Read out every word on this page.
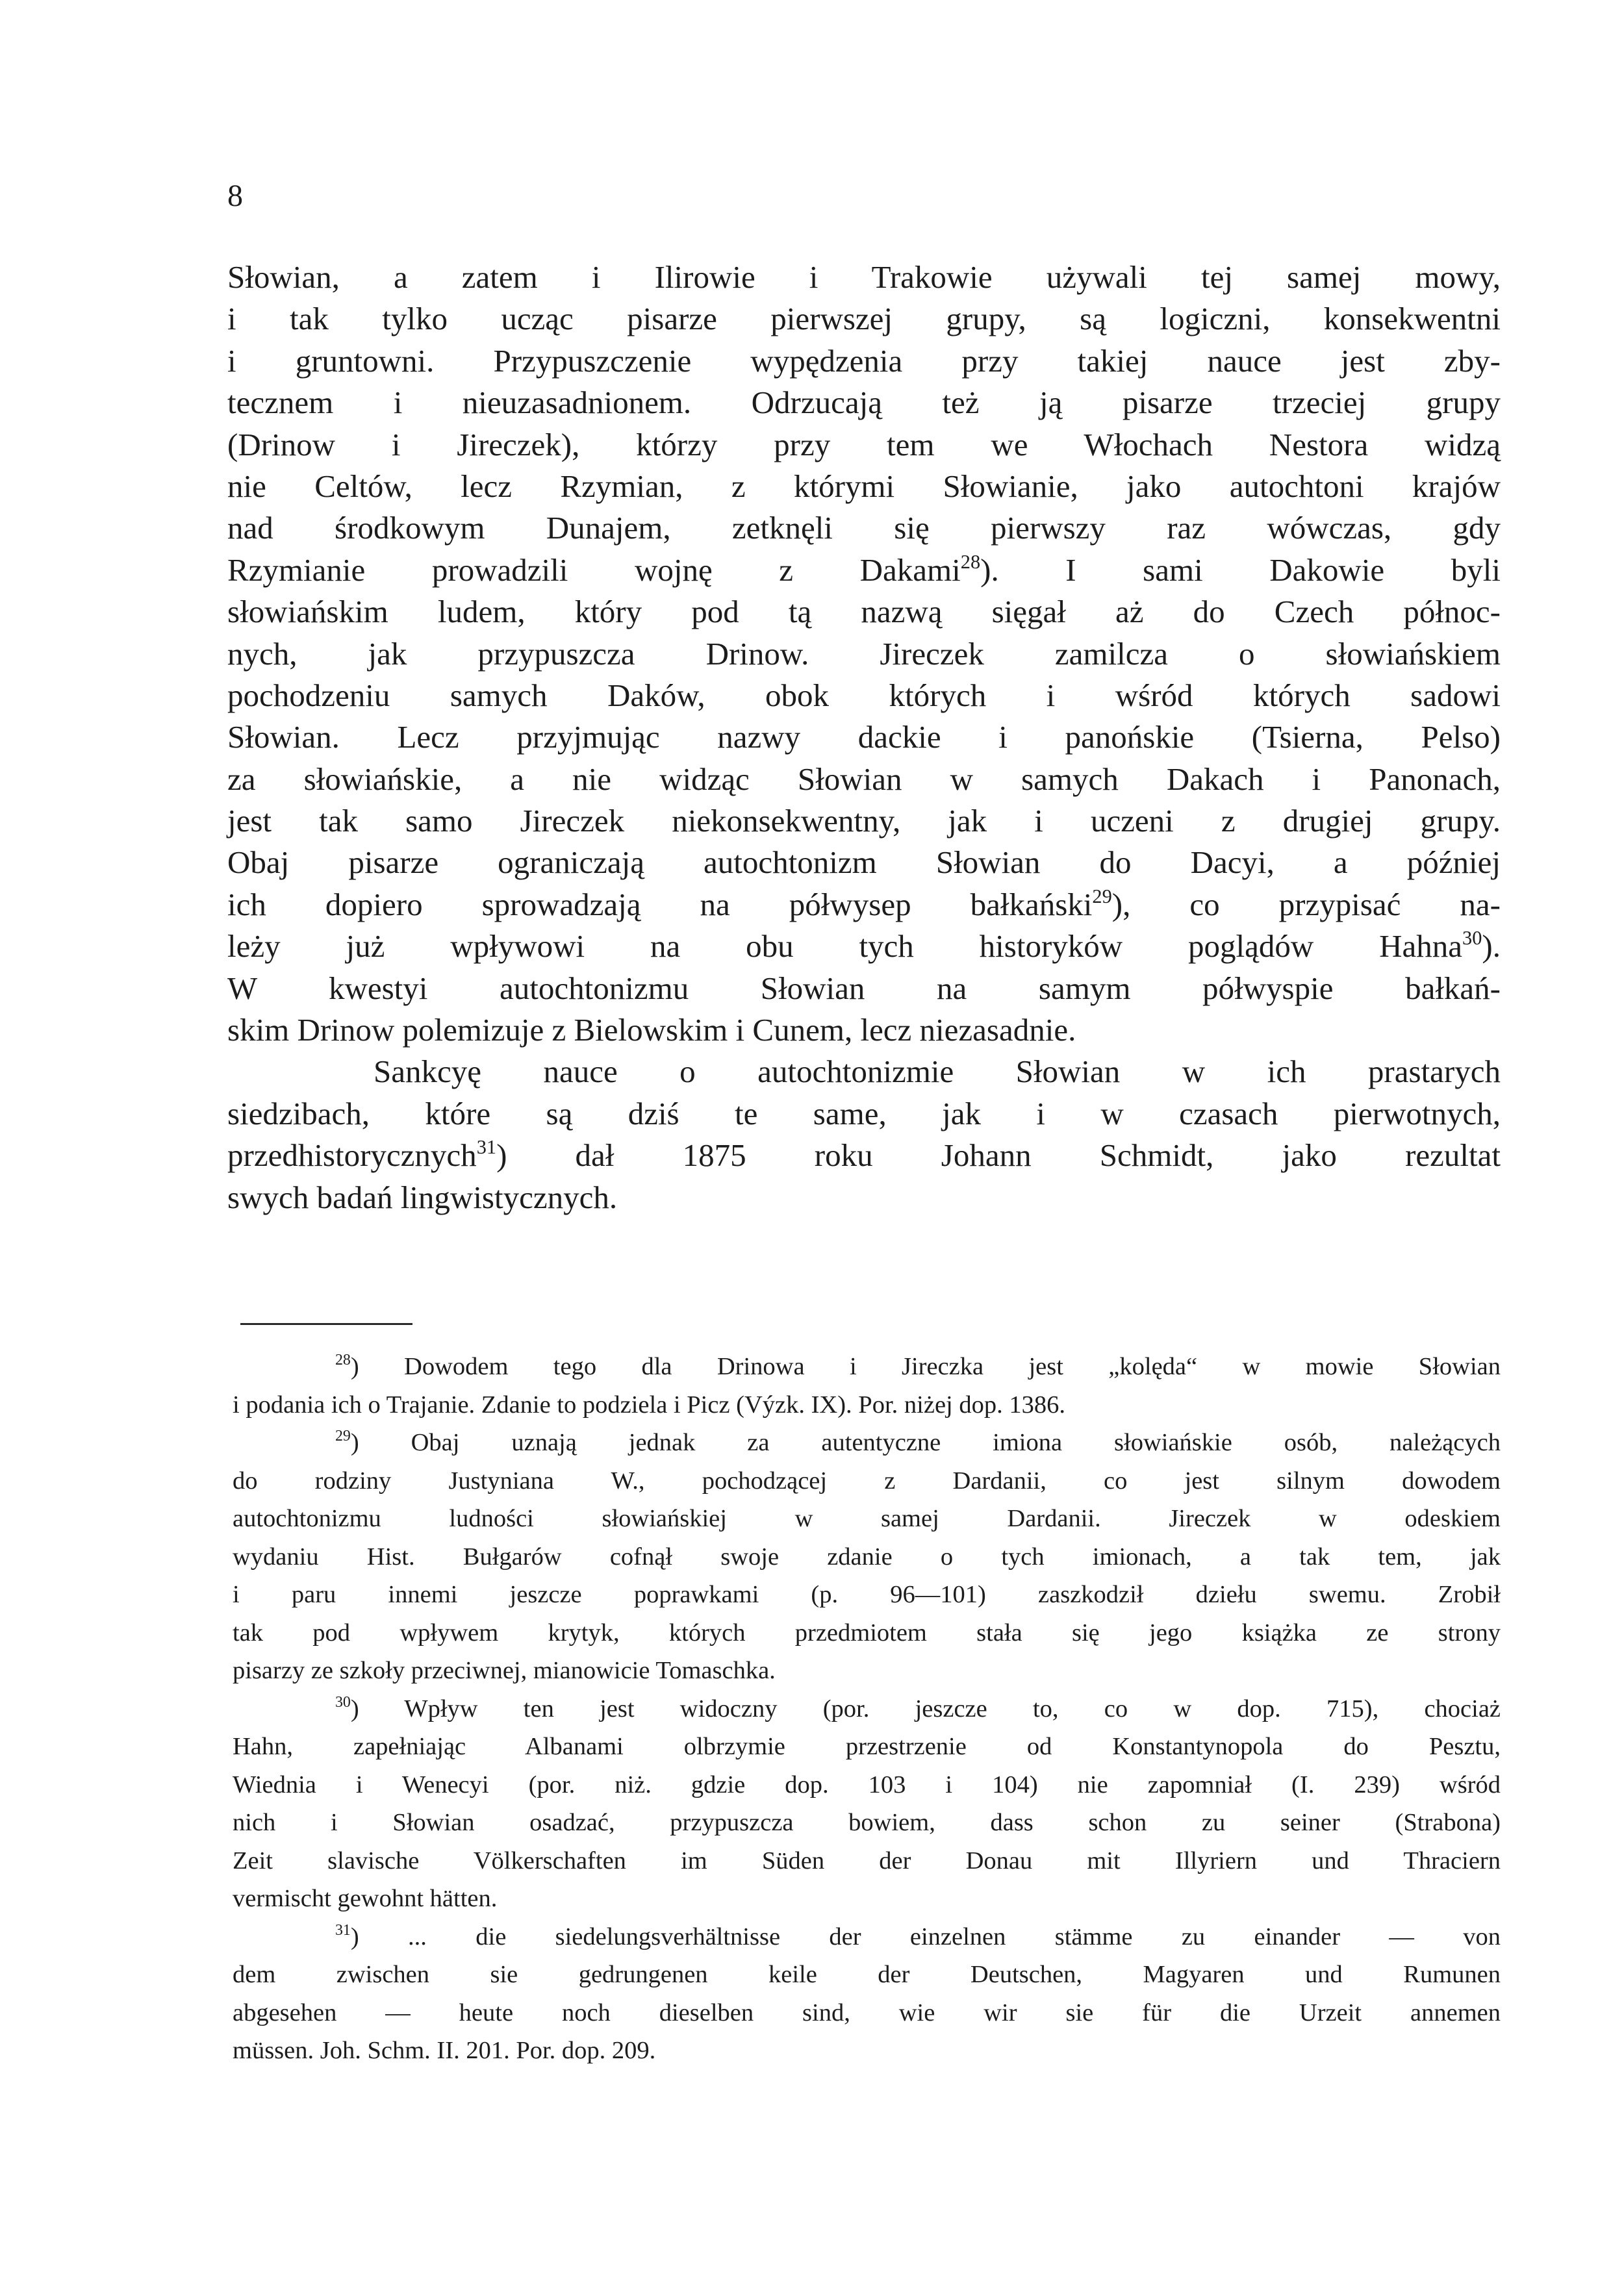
8
Słowian, a zatem i Ilirowie i Trakowie używali tej samej mowy,
i tak tylko ucząc pisarze pierwszej grupy, są logiczni, konsekwentni
i gruntowni. Przypuszczenie wypędzenia przy takiej nauce jest zby-
tecznem i nieuzasadnionem. Odrzucają też ją pisarze trzeciej grupy
(Drinow i Jireczek), którzy przy tem we Włochach Nestora widzą
nie Celtów, lecz Rzymian, z którymi Słowianie, jako autochtoni krajów
nad środkowym Dunajem, zetknęli się pierwszy raz wówczas, gdy
Rzymianie prowadzili wojnę z Dakami$^{28}$). I sami Dakowie byli
słowiańskim ludem, który pod tą nazwą sięgał aż do Czech północ-
nych, jak przypuszcza Drinow. Jireczek zamilcza o słowiańskiem
pochodzeniu samych Daków, obok których i wśród których sadowi
Słowian. Lecz przyjmując nazwy dackie i panońskie (Tsierna, Pelso)
za słowiańskie, a nie widząc Słowian w samych Dakach i Panonach,
jest tak samo Jireczek niekonsekwentny, jak i uczeni z drugiej grupy.
Obaj pisarze ograniczają autochtonizm Słowian do Dacyi, a później
ich dopiero sprowadzają na półwysep bałkański$^{29}$), co przypisać na-
leży już wpływowi na obu tych historyków poglądów Hahna$^{30}$).
W kwestyi autochtonizmu Słowian na samym półwyspie bałkań-
skim Drinow polemizuje z Bielowskim i Cunem, lecz niezasadnie.
Sankcyę nauce o autochtonizmie Słowian w ich prastarych
siedzibach, które są dziś te same, jak i w czasach pierwotnych,
przedhistorycznych$^{31}$) dał 1875 roku Johann Schmidt, jako rezultat
swych badań lingwistycznych.
$^{28}$) Dowodem tego dla Drinowa i Jireczka jest „kolęda“ w mowie Słowian
i podania ich o Trajanie. Zdanie to podziela i Picz (Výzk. IX). Por. niżej dop. 1386.
$^{29}$) Obaj uznają jednak za autentyczne imiona słowiańskie osób, należących
do rodziny Justyniana W., pochodzącej z Dardanii, co jest silnym dowodem
autochtonizmu ludności słowiańskiej w samej Dardanii. Jireczek w odeskiem
wydaniu Hist. Bułgarów cofnął swoje zdanie o tych imionach, a tak tem, jak
i paru innemi jeszcze poprawkami (p. 96—101) zaszkodził dziełu swemu. Zrobił
tak pod wpływem krytyk, których przedmiotem stała się jego książka ze strony
pisarzy ze szkoły przeciwnej, mianowicie Tomaschka.
$^{30}$) Wpływ ten jest widoczny (por. jeszcze to, co w dop. 715), chociaż
Hahn, zapełniając Albanami olbrzymie przestrzenie od Konstantynopola do Pesztu,
Wiednia i Wenecyi (por. niż. gdzie dop. 103 i 104) nie zapomniał (I. 239) wśród
nich i Słowian osadzać, przypuszcza bowiem, dass schon zu seiner (Strabona)
Zeit slavische Völkerschaften im Süden der Donau mit Illyriern und Thraciern
vermischt gewohnt hätten.
$^{31}$) ... die siedelungsverhältnisse der einzelnen stämme zu einander — von
dem zwischen sie gedrungenen keile der Deutschen, Magyaren und Rumunen
abgesehen — heute noch dieselben sind, wie wir sie für die Urzeit annemen
müssen. Joh. Schm. II. 201. Por. dop. 209.
